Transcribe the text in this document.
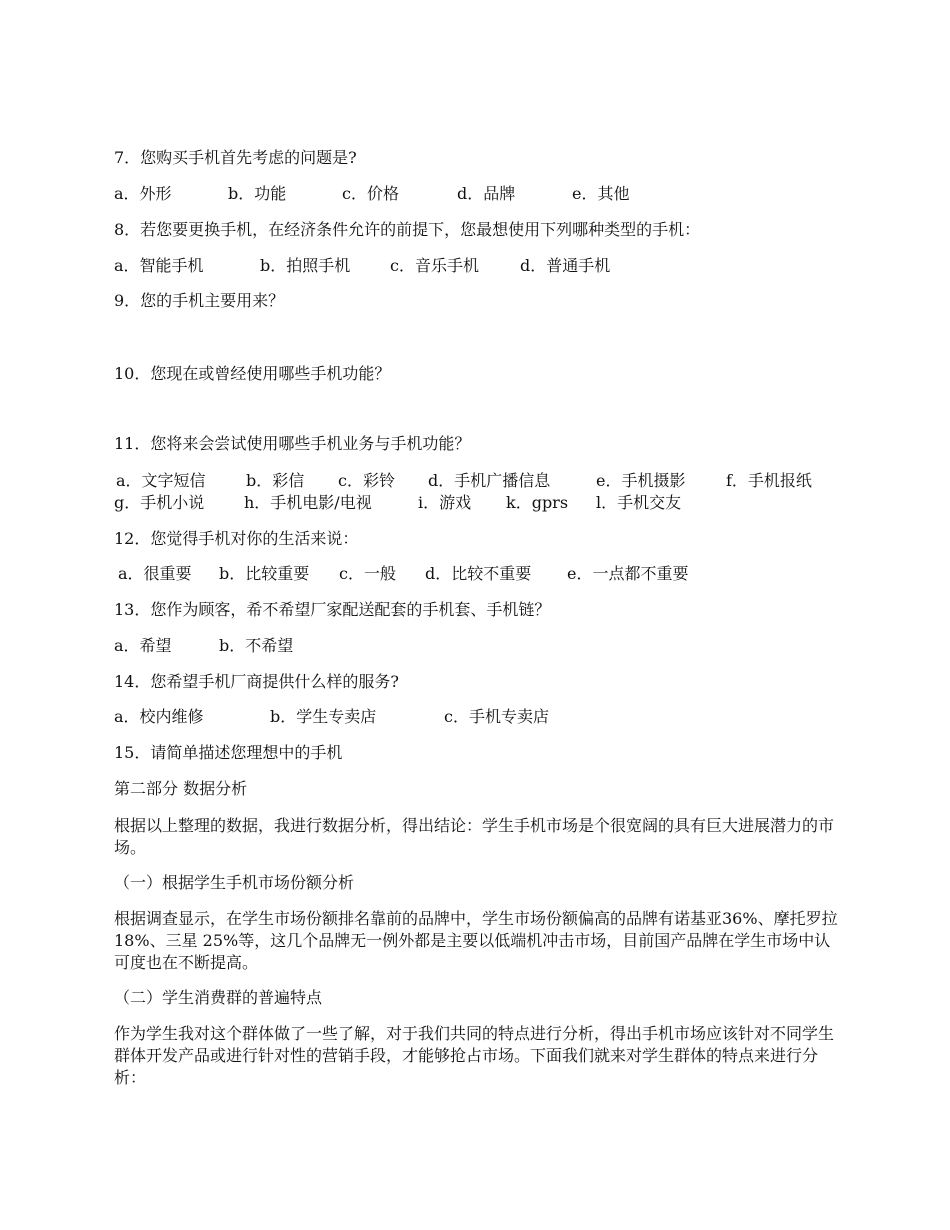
7．您购买手机首先考虑的问题是?
a．外形	b．功能	c．价格	d．品牌	e．其他
8．若您要更换手机，在经济条件允许的前提下，您最想使用下列哪种类型的手机：
a．智能手机	b．拍照手机 c．音乐手机	d．普通手机
9．您的手机主要用来？
10．您现在或曾经使用哪些手机功能？
11．您将来会尝试使用哪些手机业务与手机功能？
a．文字短信	b．彩信 c．彩铃 d．手机广播信息	e．手机摄影	f．手机报纸
g．手机小说 h．手机电影/电视	i．游戏 k．gprs l．手机交友
12．您觉得手机对你的生活来说：
a．很重要 b．比较重要 c．一般 d．比较不重要 e．一点都不重要
13．您作为顾客，希不希望厂家配送配套的手机套、手机链？
a．希望	b．不希望
14．您希望手机厂商提供什么样的服务?
a．校内维修	b．学生专卖店	c．手机专卖店
15．请简单描述您理想中的手机
第二部分 数据分析
根据以上整理的数据，我进行数据分析，得出结论：学生手机市场是个很宽阔的具有巨大进展潜力的市场。
（一）根据学生手机市场份额分析
根据调查显示，在学生市场份额排名靠前的品牌中，学生市场份额偏高的品牌有诺基亚36%、摩托罗拉 18%、三星 25%等，这几个品牌无一例外都是主要以低端机冲击市场，目前国产品牌在学生市场中认可度也在不断提高。
（二）学生消费群的普遍特点
作为学生我对这个群体做了一些了解，对于我们共同的特点进行分析，得出手机市场应该针对不同学生群体开发产品或进行针对性的营销手段，才能够抢占市场。下面我们就来对学生群体的特点来进行分析：
